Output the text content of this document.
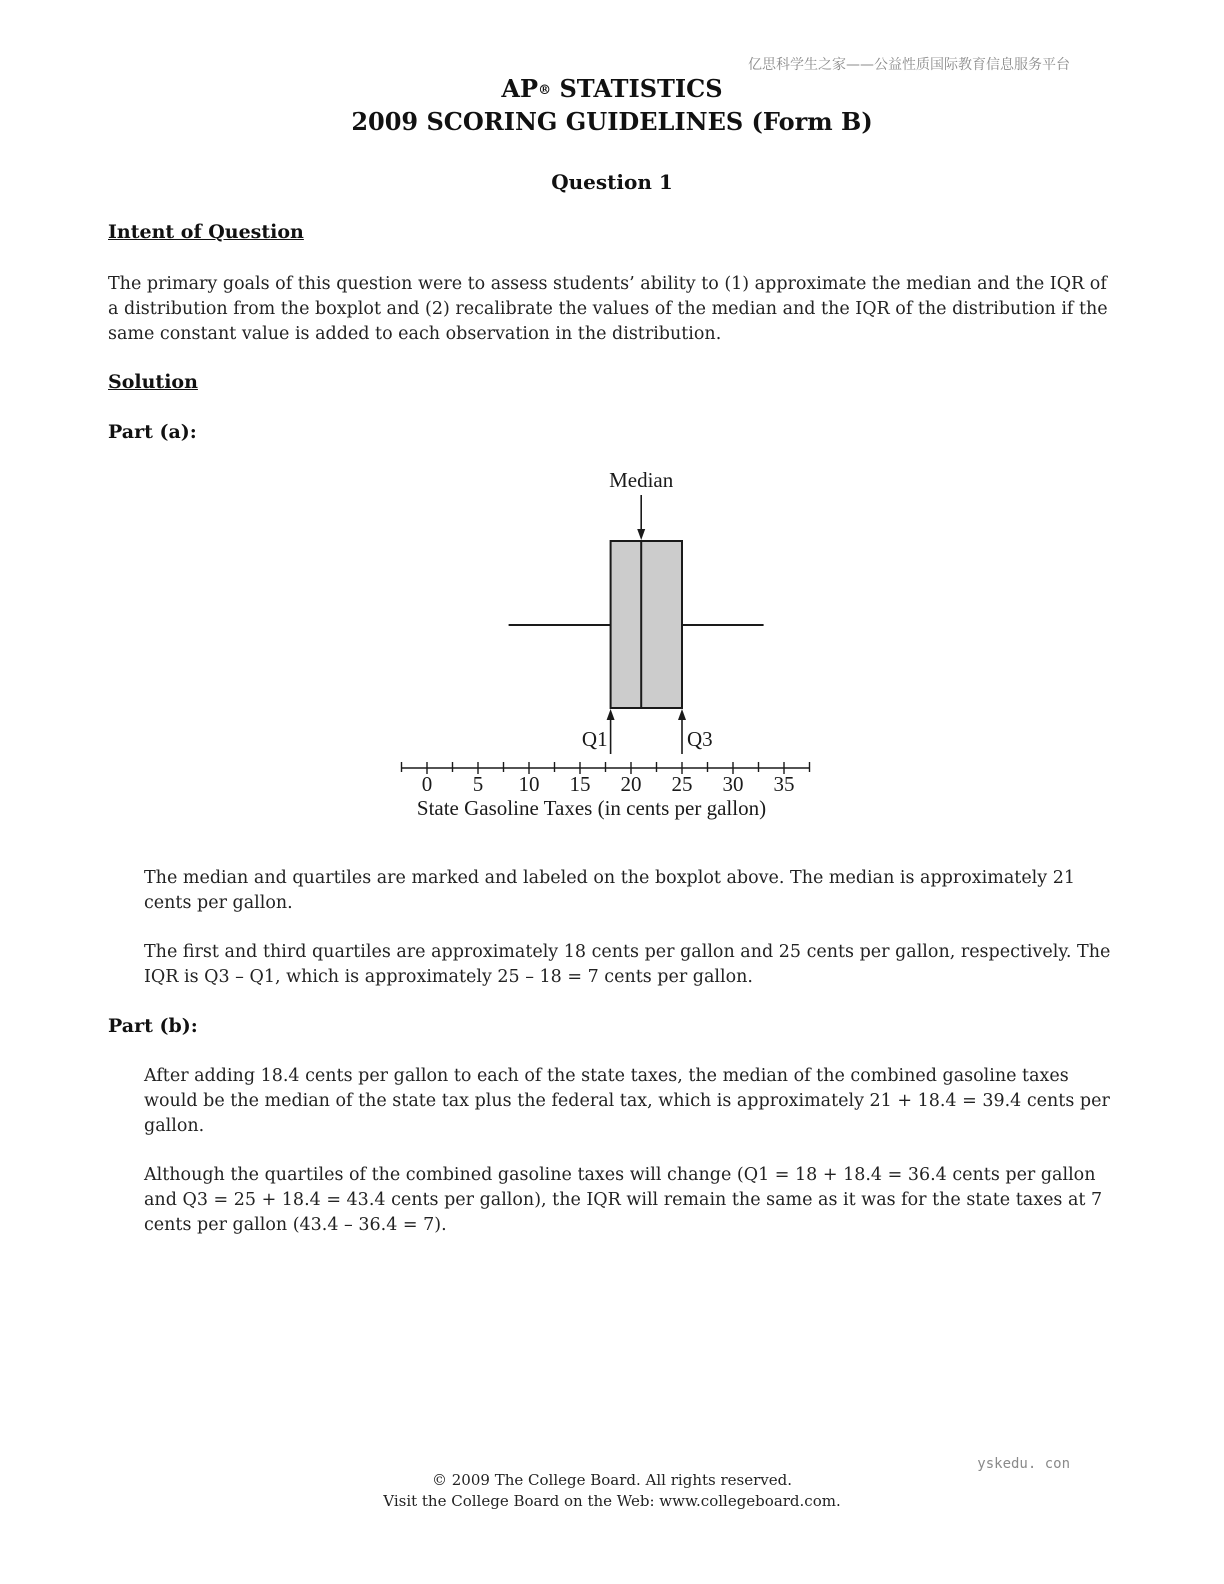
亿思科学生之家——公益性质国际教育信息服务平台
AP® STATISTICS
2009 SCORING GUIDELINES (Form B)
Question 1
Intent of Question

The primary goals of this question were to assess students’ ability to (1) approximate the median and the IQR of a distribution from the boxplot and (2) recalibrate the values of the median and the IQR of the distribution if the same constant value is added to each observation in the distribution.

Solution
Part (a):
Median
Q1	Q3
0 5 10 15 20 25 30 35
State Gasoline Taxes (in cents per gallon)

The median and quartiles are marked and labeled on the boxplot above. The median is approximately 21 cents per gallon.

The first and third quartiles are approximately 18 cents per gallon and 25 cents per gallon, respectively. The IQR is Q3 – Q1, which is approximately 25 – 18 = 7 cents per gallon.

Part (b):

After adding 18.4 cents per gallon to each of the state taxes, the median of the combined gasoline taxes would be the median of the state tax plus the federal tax, which is approximately 21 + 18.4 = 39.4 cents per gallon.

Although the quartiles of the combined gasoline taxes will change (Q1 = 18 + 18.4 = 36.4 cents per gallon and Q3 = 25 + 18.4 = 43.4 cents per gallon), the IQR will remain the same as it was for the state taxes at 7 cents per gallon (43.4 – 36.4 = 7).

yskedu. con
© 2009 The College Board. All rights reserved.
Visit the College Board on the Web: www.collegeboard.com.
